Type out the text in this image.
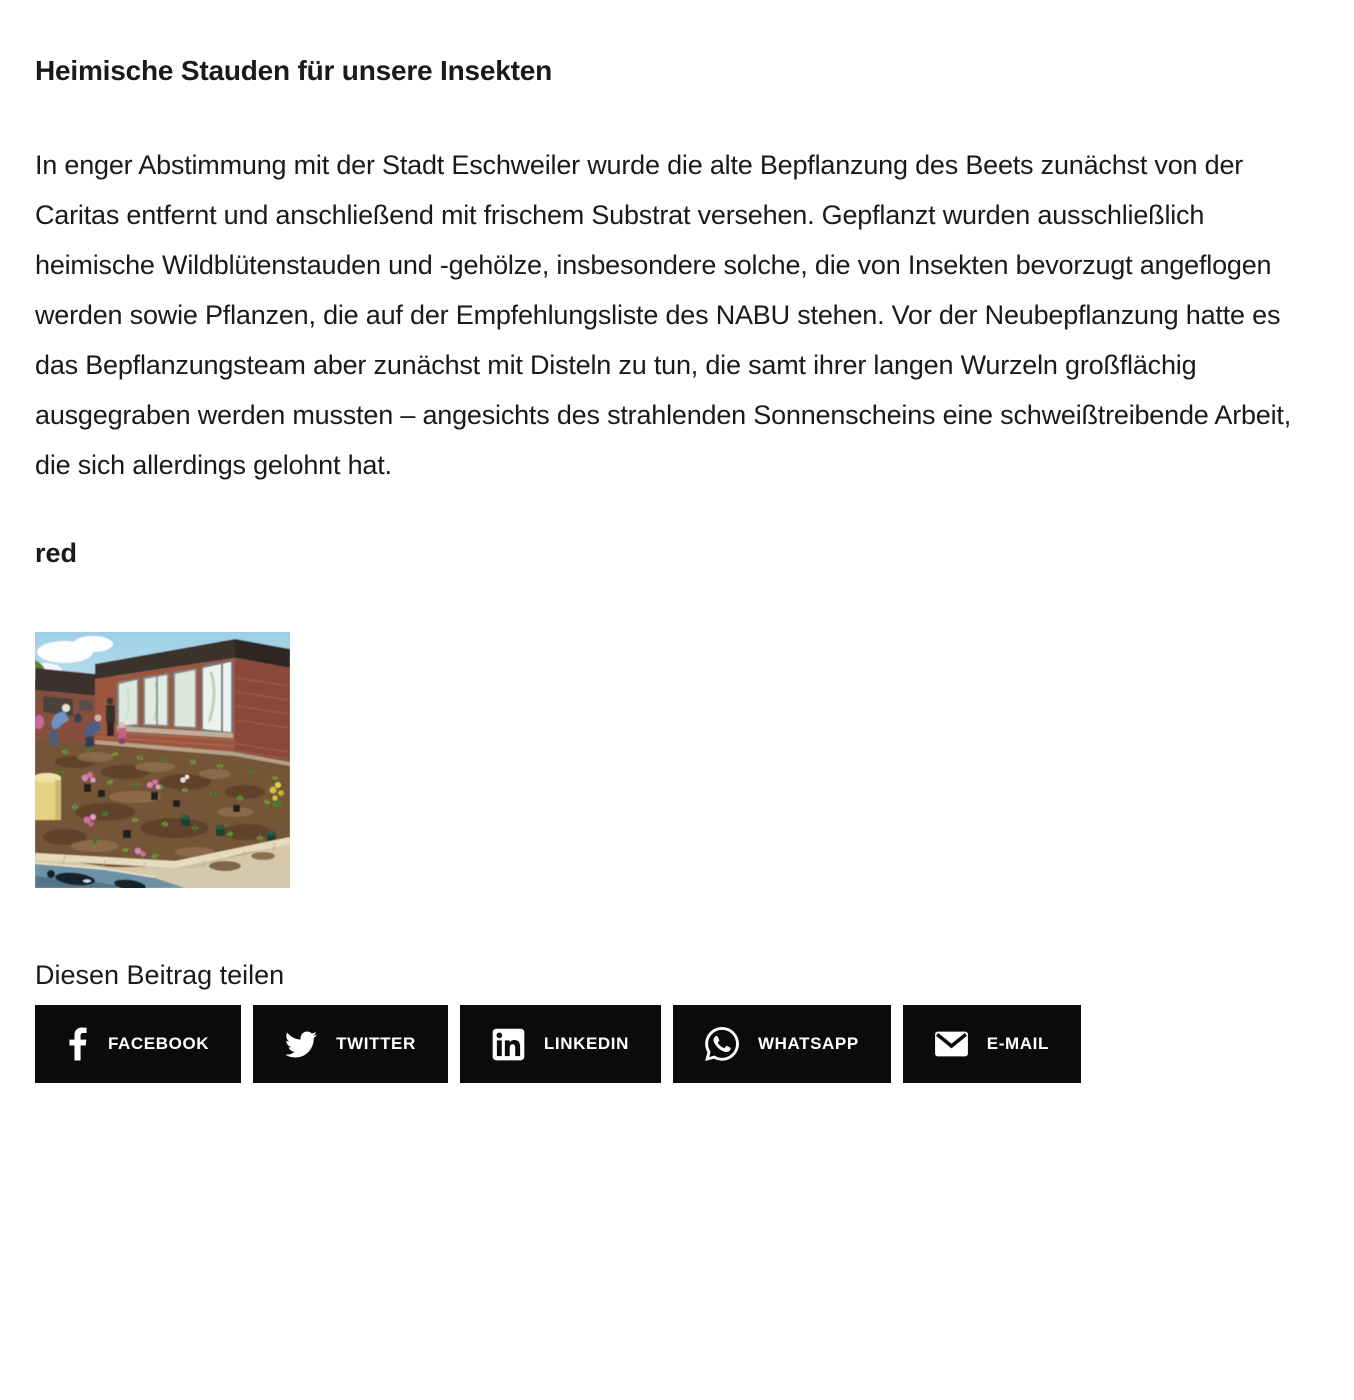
Heimische Stauden für unsere Insekten

In enger Abstimmung mit der Stadt Eschweiler wurde die alte Bepflanzung des Beets zunächst von der Caritas entfernt und anschließend mit frischem Substrat versehen. Gepflanzt wurden ausschließlich heimische Wildblütenstauden und -gehölze, insbesondere solche, die von Insekten bevorzugt angeflogen werden sowie Pflanzen, die auf der Empfehlungsliste des NABU stehen. Vor der Neubepflanzung hatte es das Bepflanzungsteam aber zunächst mit Disteln zu tun, die samt ihrer langen Wurzeln großflächig ausgegraben werden mussten – angesichts des strahlenden Sonnenscheins eine schweißtreibende Arbeit, die sich allerdings gelohnt hat.

red

Diesen Beitrag teilen

FACEBOOK	TWITTER	LINKEDIN	WHATSAPP	E-MAIL
